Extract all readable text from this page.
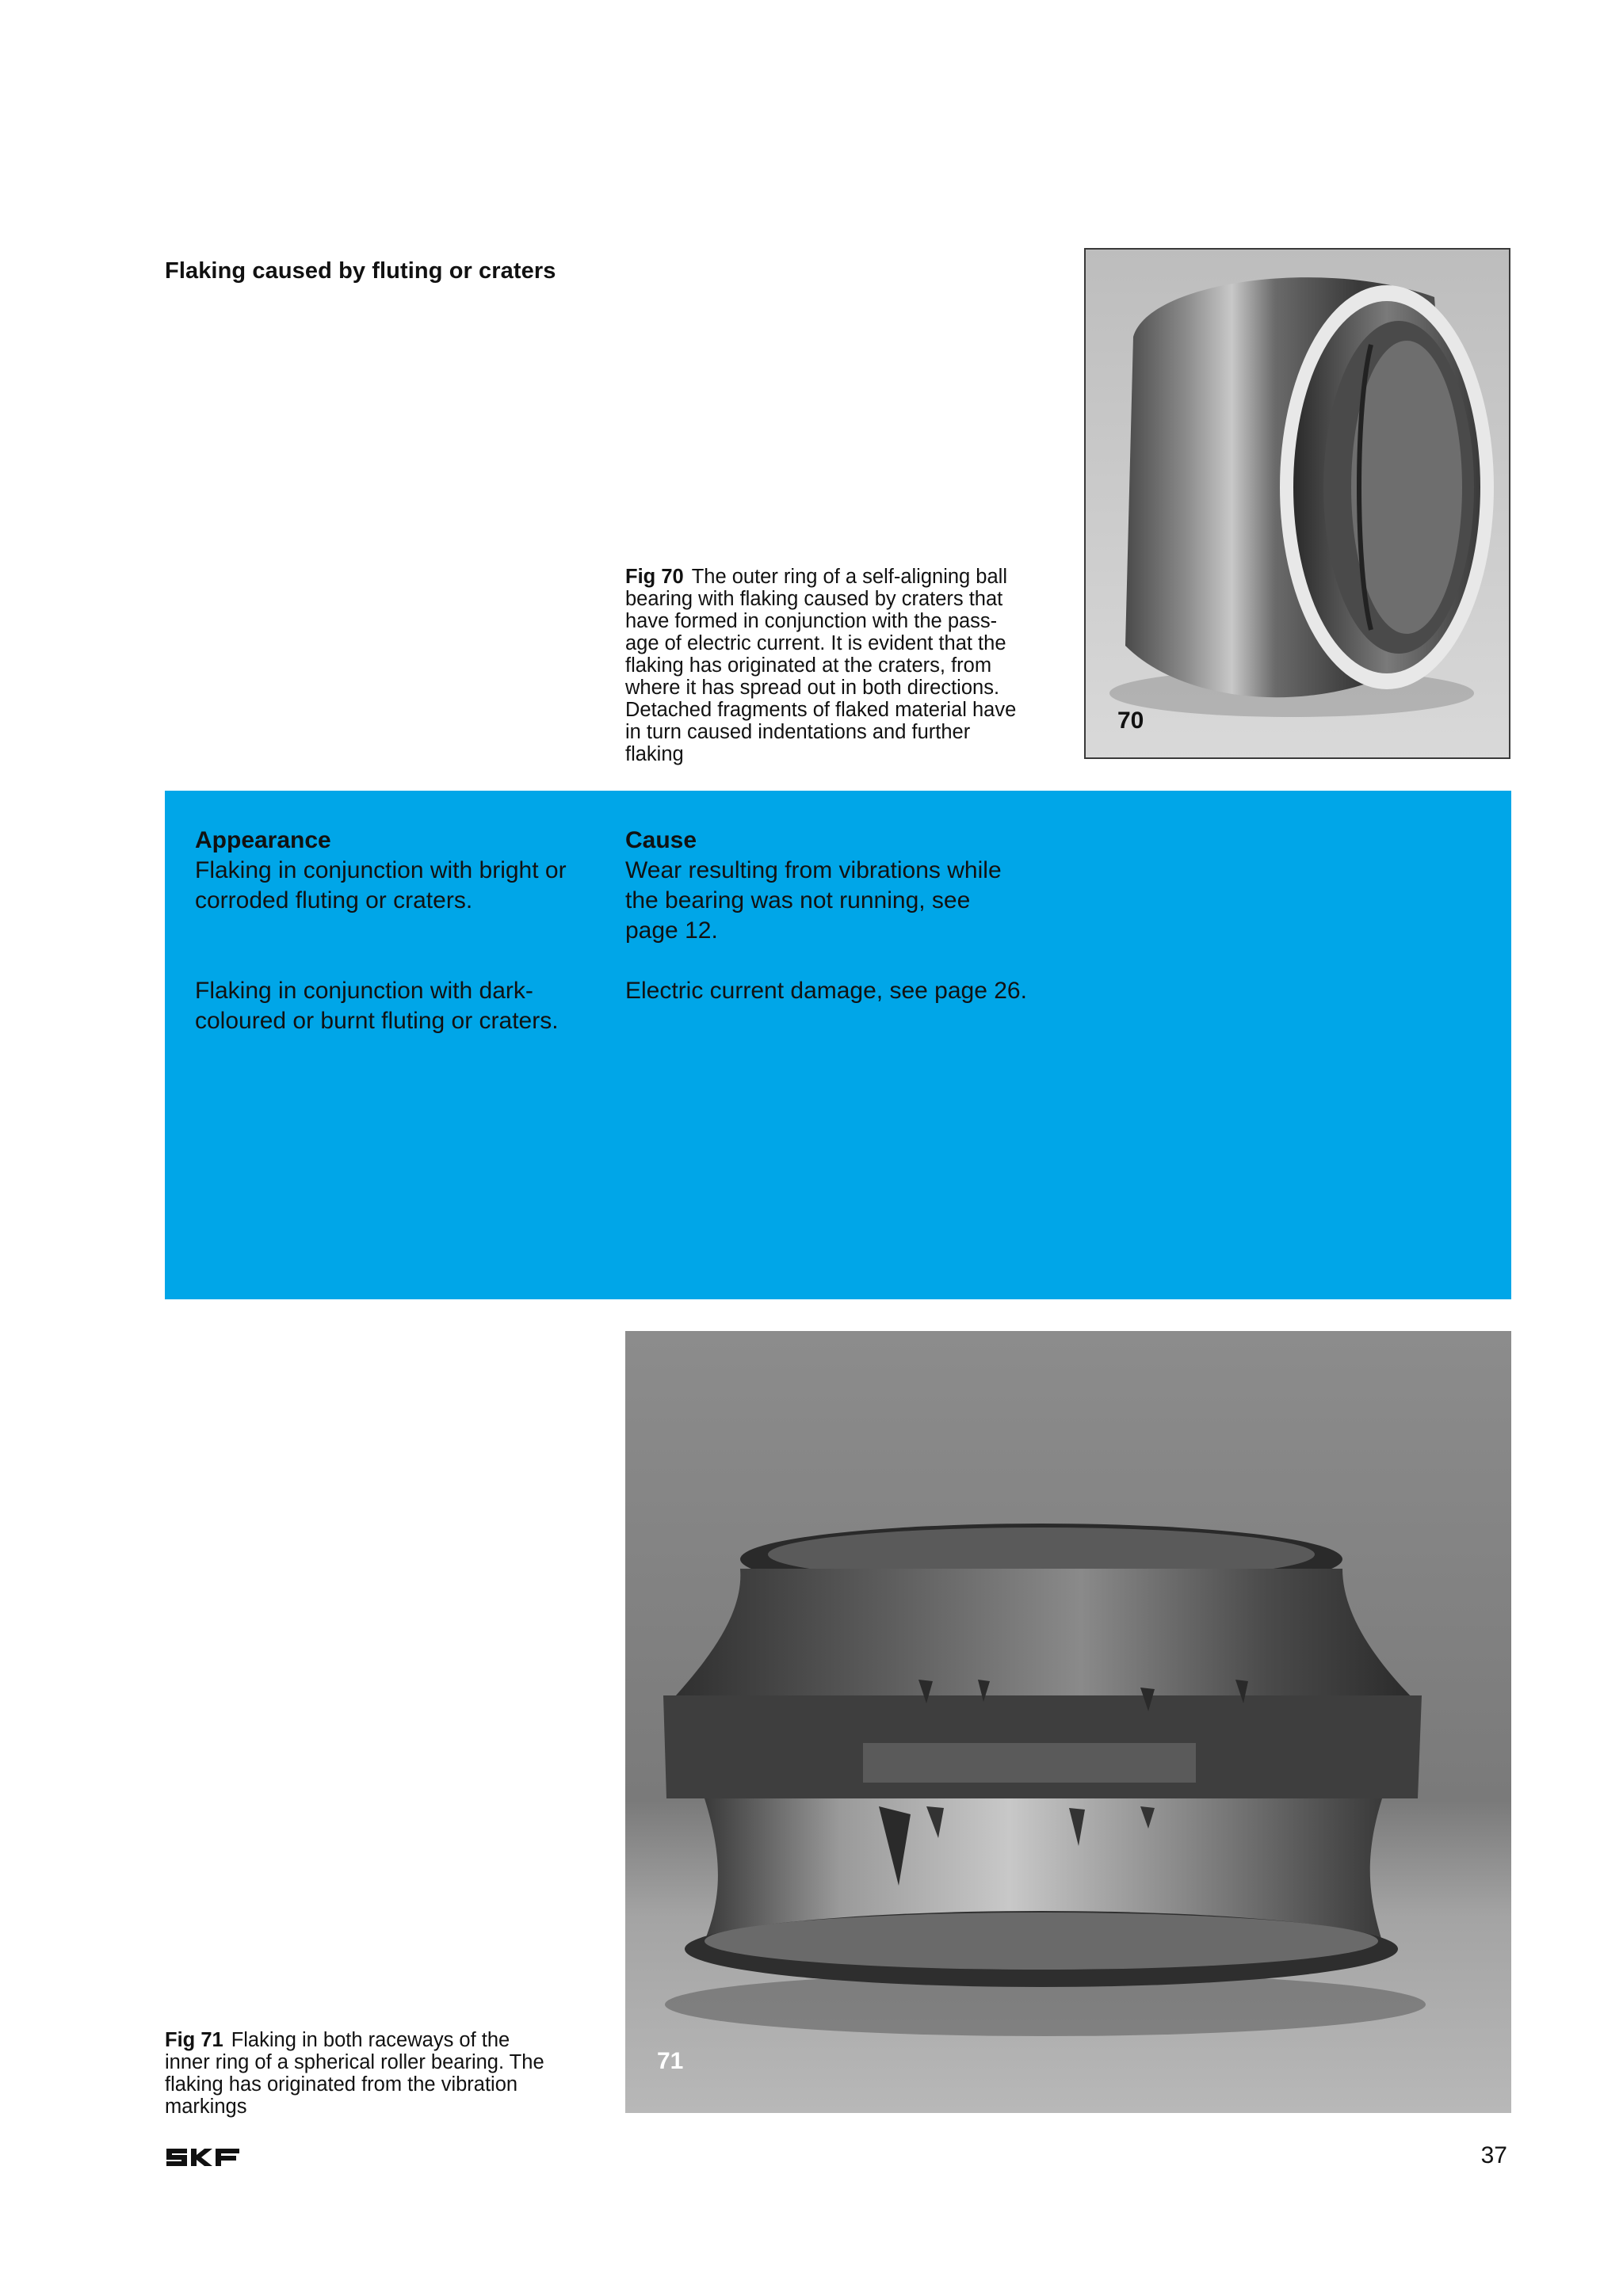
Flaking caused by fluting or craters
Fig 70 The outer ring of a self-aligning ball
bearing with flaking caused by craters that
have formed in conjunction with the pass-
age of electric current. It is evident that the
flaking has originated at the craters, from
where it has spread out in both directions.
Detached fragments of flaked material have
in turn caused indentations and further
flaking
70
Appearance
Flaking in conjunction with bright or
corroded fluting or craters.
Flaking in conjunction with dark-
coloured or burnt fluting or craters.
Cause
Wear resulting from vibrations while
the bearing was not running, see
page 12.
Electric current damage, see page 26.
71
Fig 71 Flaking in both raceways of the
inner ring of a spherical roller bearing. The
flaking has originated from the vibration
markings
37
